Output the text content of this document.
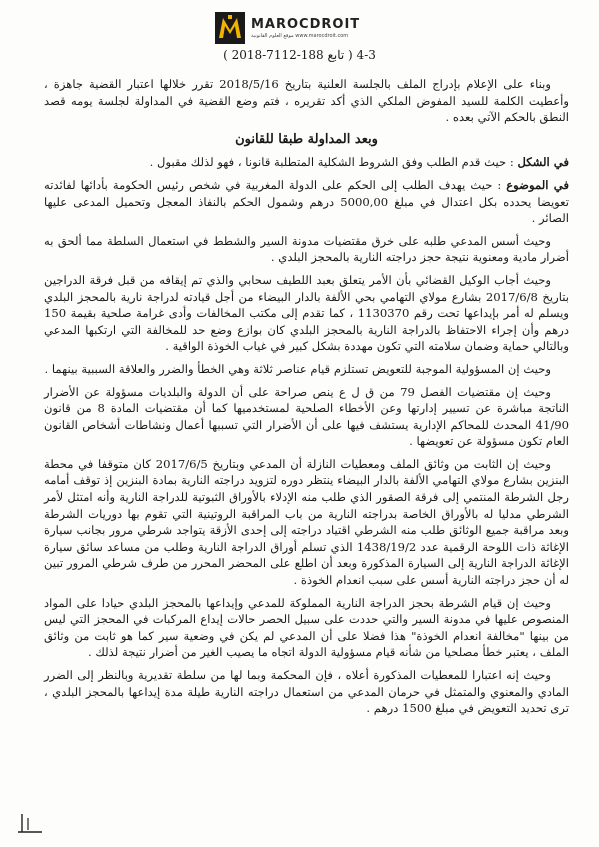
MAROCDROIT
موقع العلوم القانونية www.marocdroit.com
( 2018-7112-188 تابع ) 3-4

وبناء على الإعلام بإدراج الملف بالجلسة العلنية بتاريخ 2018/5/16 تقرر خلالها اعتبار القضية جاهزة ، وأعطيت الكلمة للسيد المفوض الملكي الذي أكد تقريره ، فتم وضع القضية في المداولة لجلسة يومه قصد النطق بالحكم الآتي بعده .

وبعد المداولة طبقا للقانون

في الشكل : حيث قدم الطلب وفق الشروط الشكلية المتطلبة قانونا ، فهو لذلك مقبول .

في الموضوع : حيث يهدف الطلب إلى الحكم على الدولة المغربية في شخص رئيس الحكومة بأدائها لفائدته تعويضا يحدده بكل اعتدال في مبلغ 5000,00 درهم وشمول الحكم بالنفاذ المعجل وتحميل المدعى عليها الصائر .

وحيث أسس المدعي طلبه على خرق مقتضيات مدونة السير والشطط في استعمال السلطة مما ألحق به أضرار مادية ومعنوية نتيجة حجز دراجته النارية بالمحجز البلدي .

وحيث أجاب الوكيل القضائي بأن الأمر يتعلق بعبد اللطيف سحابي والذي تم إيقافه من قبل فرقة الدراجين بتاريخ 2017/6/8 بشارع مولاي التهامي بحي الألفة بالدار البيضاء من أجل قيادته لدراجة نارية بالمحجز البلدي ويسلم له أمر بإيداعها تحت رقم 1130370 ، كما تقدم إلى مكتب المخالفات وأدى غرامة صلحية بقيمة 150 درهم وأن إجراء الاحتفاظ بالدراجة النارية بالمحجز البلدي كان بوازع وضع حد للمخالفة التي ارتكبها المدعي وبالتالي حماية وضمان سلامته التي تكون مهددة بشكل كبير في غياب الخوذة الواقية .

وحيث إن المسؤولية الموجبة للتعويض تستلزم قيام عناصر ثلاثة وهي الخطأ والضرر والعلاقة السببية بينهما .

وحيث إن مقتضيات الفصل 79 من ق ل ع ينص صراحة على أن الدولة والبلديات مسؤولة عن الأضرار الناتجة مباشرة عن تسيير إدارتها وعن الأخطاء الصلحية لمستخدميها كما أن مقتضيات المادة 8 من قانون 41/90 المحدث للمحاكم الإدارية يستشف فيها على أن الأضرار التي تسببها أعمال ونشاطات أشخاص القانون العام تكون مسؤولة عن تعويضها .

وحيث إن الثابت من وثائق الملف ومعطيات النازلة أن المدعي وبتاريخ 2017/6/5 كان متوقفا في محطة البنزين بشارع مولاي التهامي الألفة بالدار البيضاء ينتظر دوره لتزويد دراجته النارية بمادة البنزين إذ توقف أمامه رجل الشرطة المنتمي إلى فرقة الصقور الذي طلب منه الإدلاء بالأوراق الثبوتية للدراجة النارية وأنه امتثل لأمر الشرطي مدليا له بالأوراق الخاصة بدراجته النارية من باب المراقبة الروتينية التي تقوم بها دوريات الشرطة وبعد مراقبة جميع الوثائق طلب منه الشرطي اقتياد دراجته إلى إحدى الأزقة يتواجد شرطي مرور بجانب سيارة الإغاثة ذات اللوحة الرقمية عدد 1438/19/2 الذي تسلم أوراق الدراجة النارية وطلب من مساعد سائق سيارة الإغاثة الدراجة النارية إلى السيارة المذكورة وبعد أن اطلع على المحضر المحرر من طرف شرطي المرور تبين له أن حجز دراجته النارية أسس على سبب انعدام الخوذة .

وحيث إن قيام الشرطة بحجز الدراجة النارية المملوكة للمدعي وإيداعها بالمحجز البلدي حيادا على المواد المنصوص عليها في مدونة السير والتي حددت على سبيل الحصر حالات إيداع المركبات في المحجز التي ليس من بينها "مخالفة انعدام الخوذة" هذا فضلا على أن المدعي لم يكن في وضعية سير كما هو ثابت من وثائق الملف ، يعتبر خطأ مصلحيا من شأنه قيام مسؤولية الدولة اتجاه ما يصيب الغير من أضرار نتيجة لذلك .

وحيث إنه اعتبارا للمعطيات المذكورة أعلاه ، فإن المحكمة وبما لها من سلطة تقديرية وبالنظر إلى الضرر المادي والمعنوي والمتمثل في حرمان المدعي من استعمال دراجته النارية طيلة مدة إيداعها بالمحجز البلدي ، ترى تحديد التعويض في مبلغ 1500 درهم .
